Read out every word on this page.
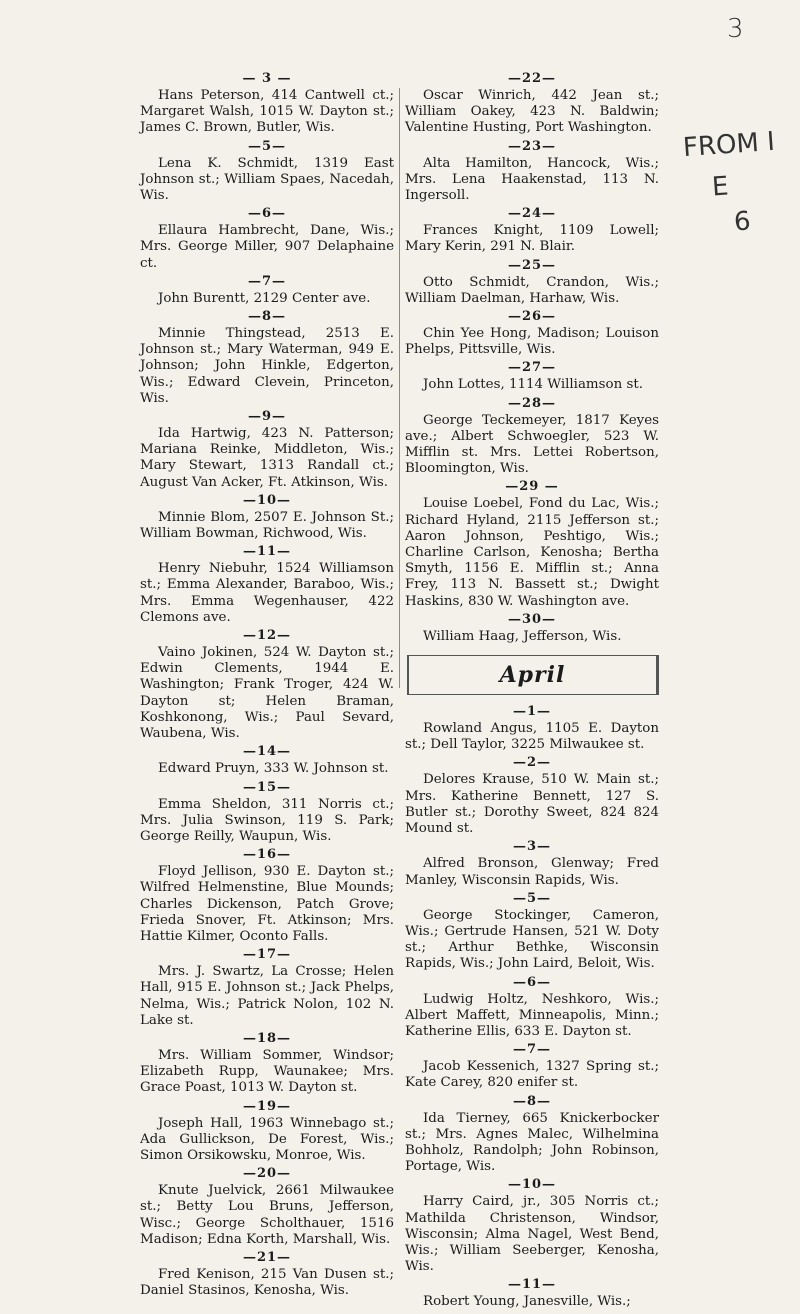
3
FROM I
E
6
— 3 —
Hans Peterson, 414 Cantwell ct.; Margaret Walsh, 1015 W. Dayton st.; James C. Brown, Butler, Wis.
—5—
Lena K. Schmidt, 1319 East Johnson st.; William Spaes, Nacedah, Wis.
—6—
Ellaura Hambrecht, Dane, Wis.; Mrs. George Miller, 907 Delaphaine ct.
—7—
John Burentt, 2129 Center ave.
—8—
Minnie Thingstead, 2513 E. Johnson st.; Mary Waterman, 949 E. Johnson; John Hinkle, Edgerton, Wis.; Edward Clevein, Princeton, Wis.
—9—
Ida Hartwig, 423 N. Patterson; Mariana Reinke, Middleton, Wis.; Mary Stewart, 1313 Randall ct.; August Van Acker, Ft. Atkinson, Wis.
—10—
Minnie Blom, 2507 E. Johnson St.; William Bowman, Richwood, Wis.
—11—
Henry Niebuhr, 1524 Williamson st.; Emma Alexander, Baraboo, Wis.; Mrs. Emma Wegenhauser, 422 Clemons ave.
—12—
Vaino Jokinen, 524 W. Dayton st.; Edwin Clements, 1944 E. Washington; Frank Troger, 424 W. Dayton st; Helen Braman, Koshkonong, Wis.; Paul Sevard, Waubena, Wis.
—14—
Edward Pruyn, 333 W. Johnson st.
—15—
Emma Sheldon, 311 Norris ct.; Mrs. Julia Swinson, 119 S. Park; George Reilly, Waupun, Wis.
—16—
Floyd Jellison, 930 E. Dayton st.; Wilfred Helmenstine, Blue Mounds; Charles Dickenson, Patch Grove; Frieda Snover, Ft. Atkinson; Mrs. Hattie Kilmer, Oconto Falls.
—17—
Mrs. J. Swartz, La Crosse; Helen Hall, 915 E. Johnson st.; Jack Phelps, Nelma, Wis.; Patrick Nolon, 102 N. Lake st.
—18—
Mrs. William Sommer, Windsor; Elizabeth Rupp, Waunakee; Mrs. Grace Poast, 1013 W. Dayton st.
—19—
Joseph Hall, 1963 Winnebago st.; Ada Gullickson, De Forest, Wis.; Simon Orsikowsku, Monroe, Wis.
—20—
Knute Juelvick, 2661 Milwaukee st.; Betty Lou Bruns, Jefferson, Wisc.; George Scholthauer, 1516 Madison; Edna Korth, Marshall, Wis.
—21—
Fred Kenison, 215 Van Dusen st.; Daniel Stasinos, Kenosha, Wis.
—22—
Oscar Winrich, 442 Jean st.; William Oakey, 423 N. Baldwin; Valentine Husting, Port Washington.
—23—
Alta Hamilton, Hancock, Wis.; Mrs. Lena Haakenstad, 113 N. Ingersoll.
—24—
Frances Knight, 1109 Lowell; Mary Kerin, 291 N. Blair.
—25—
Otto Schmidt, Crandon, Wis.; William Daelman, Harhaw, Wis.
—26—
Chin Yee Hong, Madison; Louison Phelps, Pittsville, Wis.
—27—
John Lottes, 1114 Williamson st.
—28—
George Teckemeyer, 1817 Keyes ave.; Albert Schwoegler, 523 W. Mifflin st. Mrs. Lettei Robertson, Bloomington, Wis.
—29 —
Louise Loebel, Fond du Lac, Wis.; Richard Hyland, 2115 Jefferson st.; Aaron Johnson, Peshtigo, Wis.; Charline Carlson, Kenosha; Bertha Smyth, 1156 E. Mifflin st.; Anna Frey, 113 N. Bassett st.; Dwight Haskins, 830 W. Washington ave.
—30—
William Haag, Jefferson, Wis.
April
—1—
Rowland Angus, 1105 E. Dayton st.; Dell Taylor, 3225 Milwaukee st.
—2—
Delores Krause, 510 W. Main st.; Mrs. Katherine Bennett, 127 S. Butler st.; Dorothy Sweet, 824 824 Mound st.
—3—
Alfred Bronson, Glenway; Fred Manley, Wisconsin Rapids, Wis.
—5—
George Stockinger, Cameron, Wis.; Gertrude Hansen, 521 W. Doty st.; Arthur Bethke, Wisconsin Rapids, Wis.; John Laird, Beloit, Wis.
—6—
Ludwig Holtz, Neshkoro, Wis.; Albert Maffett, Minneapolis, Minn.; Katherine Ellis, 633 E. Dayton st.
—7—
Jacob Kessenich, 1327 Spring st.; Kate Carey, 820 enifer st.
—8—
Ida Tierney, 665 Knickerbocker st.; Mrs. Agnes Malec, Wilhelmina Bohholz, Randolph; John Robinson, Portage, Wis.
—10—
Harry Caird, jr., 305 Norris ct.; Mathilda Christenson, Windsor, Wisconsin; Alma Nagel, West Bend, Wis.; William Seeberger, Kenosha, Wis.
—11—
Robert Young, Janesville, Wis.;
